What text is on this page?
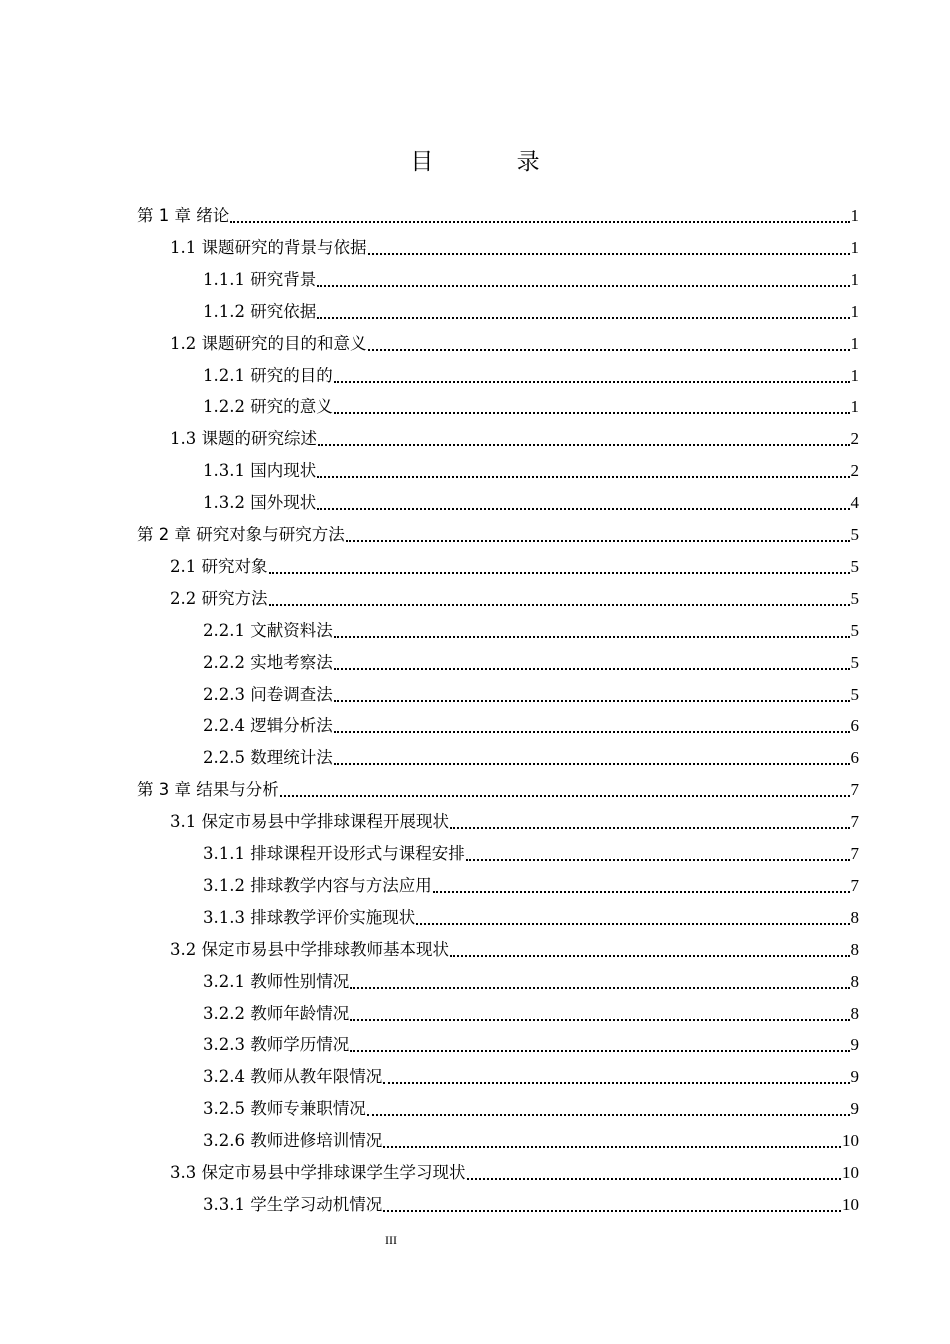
目 录
第 1 章 绪论	1
1.1 课题研究的背景与依据	1
1.1.1 研究背景	1
1.1.2 研究依据	1
1.2 课题研究的目的和意义	1
1.2.1 研究的目的	1
1.2.2 研究的意义	1
1.3 课题的研究综述	2
1.3.1 国内现状	2
1.3.2 国外现状	4
第 2 章 研究对象与研究方法	5
2.1 研究对象	5
2.2 研究方法	5
2.2.1 文献资料法	5
2.2.2 实地考察法	5
2.2.3 问卷调查法	5
2.2.4 逻辑分析法	6
2.2.5 数理统计法	6
第 3 章 结果与分析	7
3.1 保定市易县中学排球课程开展现状	7
3.1.1 排球课程开设形式与课程安排	7
3.1.2 排球教学内容与方法应用	7
3.1.3 排球教学评价实施现状	8
3.2 保定市易县中学排球教师基本现状	8
3.2.1 教师性别情况	8
3.2.2 教师年龄情况	8
3.2.3 教师学历情况	9
3.2.4 教师从教年限情况	9
3.2.5 教师专兼职情况	9
3.2.6 教师进修培训情况	10
3.3 保定市易县中学排球课学生学习现状	10
3.3.1 学生学习动机情况	10
III
